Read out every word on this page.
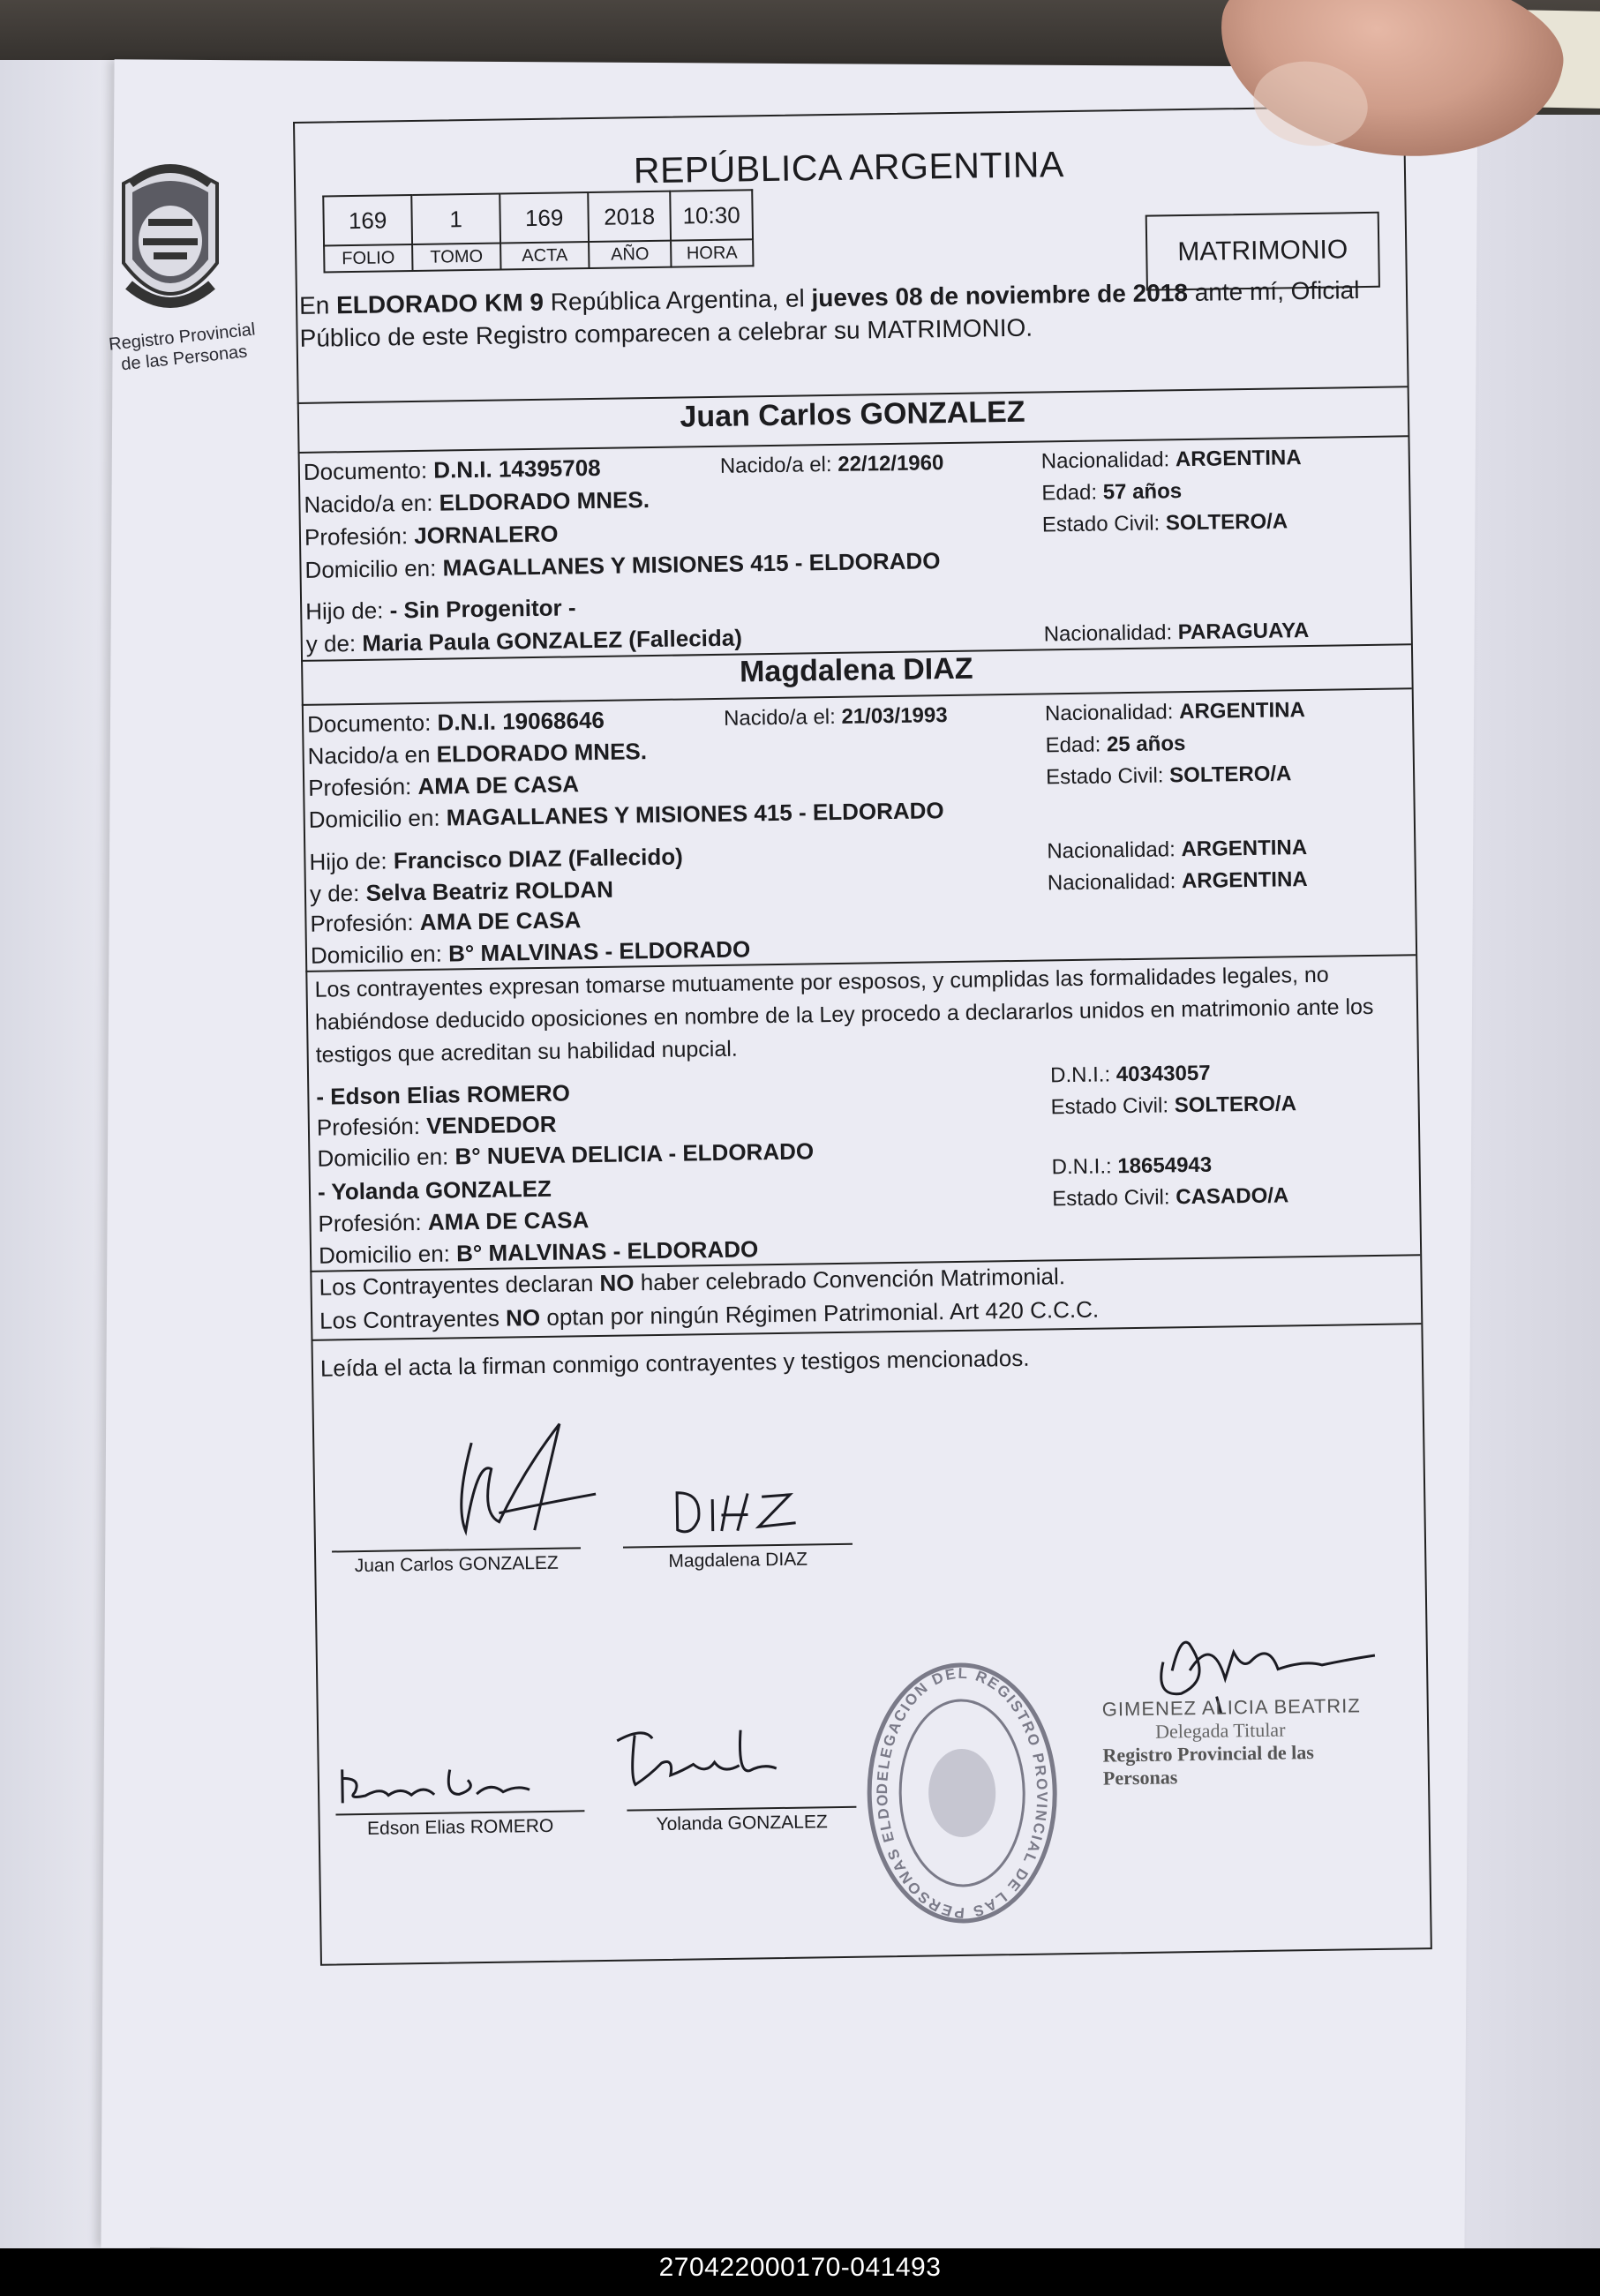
Registro Provincial de las Personas
REPÚBLICA ARGENTINA
169	1	169	2018	10:30
FOLIO	TOMO	ACTA	AÑO	HORA	MATRIMONIO
En ELDORADO KM 9 República Argentina, el jueves 08 de noviembre de 2018 ante mí, Oficial Público de este Registro comparecen a celebrar su MATRIMONIO.
Juan Carlos GONZALEZ
Documento: D.N.I. 14395708	Nacido/a el: 22/12/1960	Nacionalidad: ARGENTINA
Nacido/a en: ELDORADO MNES.	Edad: 57 años
Profesión: JORNALERO	Estado Civil: SOLTERO/A
Domicilio en: MAGALLANES Y MISIONES 415 - ELDORADO
Hijo de: - Sin Progenitor -
y de: Maria Paula GONZALEZ (Fallecida)	Nacionalidad: PARAGUAYA
Magdalena DIAZ
Documento: D.N.I. 19068646	Nacido/a el: 21/03/1993	Nacionalidad: ARGENTINA
Nacido/a en ELDORADO MNES.	Edad: 25 años
Profesión: AMA DE CASA	Estado Civil: SOLTERO/A
Domicilio en: MAGALLANES Y MISIONES 415 - ELDORADO
Hijo de: Francisco DIAZ (Fallecido)	Nacionalidad: ARGENTINA
y de: Selva Beatriz ROLDAN	Nacionalidad: ARGENTINA
Profesión: AMA DE CASA
Domicilio en: B° MALVINAS - ELDORADO
Los contrayentes expresan tomarse mutuamente por esposos, y cumplidas las formalidades legales, no habiéndose deducido oposiciones en nombre de la Ley procedo a declararlos unidos en matrimonio ante los testigos que acreditan su habilidad nupcial.
- Edson Elias ROMERO
D.N.I.: 40343057
Profesión: VENDEDOR
Estado Civil: SOLTERO/A
Domicilio en: B° NUEVA DELICIA - ELDORADO
- Yolanda GONZALEZ
D.N.I.: 18654943
Profesión: AMA DE CASA
Estado Civil: CASADO/A
Domicilio en: B° MALVINAS - ELDORADO
Los Contrayentes declaran NO haber celebrado Convención Matrimonial.
Los Contrayentes NO optan por ningún Régimen Patrimonial. Art 420 C.C.C.
Leída el acta la firman conmigo contrayentes y testigos mencionados.
Juan Carlos GONZALEZ	Magdalena DIAZ
Edson Elias ROMERO	Yolanda GONZALEZ
DELEGACION DEL REGISTRO PROVINCIAL DE LAS PERSONAS ELDORADO
GIMENEZ ALICIA BEATRIZ
Delegada Titular
Registro Provincial de las Personas
270422000170-041493
